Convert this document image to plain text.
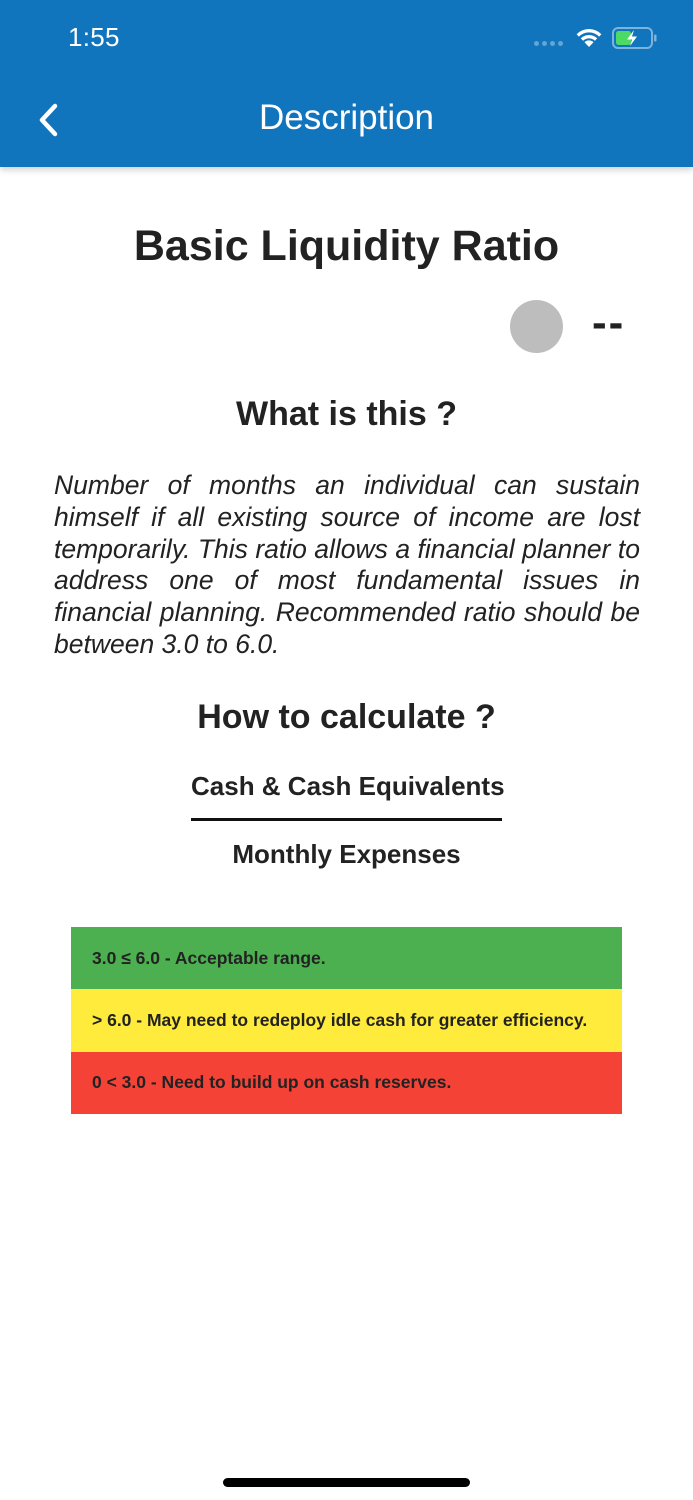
1:55
Description
Basic Liquidity Ratio
--
What is this ?

Number of months an individual can sustain himself if all existing source of income are lost temporarily. This ratio allows a financial planner to address one of most fundamental issues in financial planning. Recommended ratio should be between 3.0 to 6.0.

How to calculate ?
Cash & Cash Equivalents
Monthly Expenses
3.0 ≤ 6.0 - Acceptable range.
> 6.0 - May need to redeploy idle cash for greater efficiency.
0 < 3.0 - Need to build up on cash reserves.
